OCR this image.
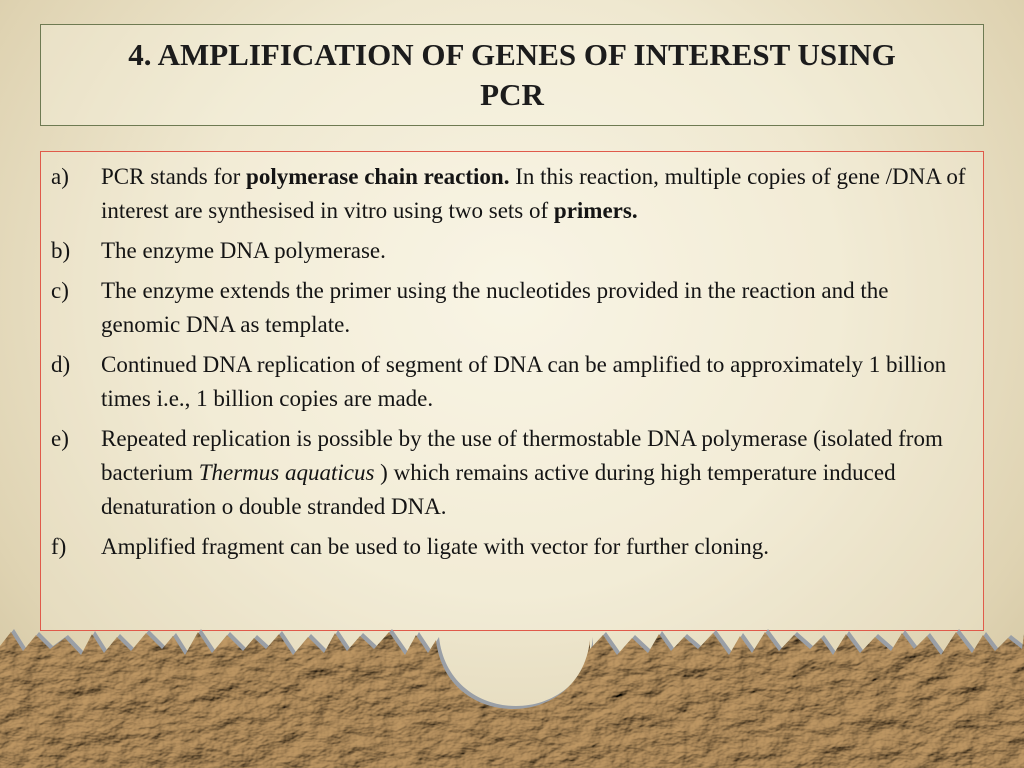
4. AMPLIFICATION OF GENES OF INTEREST USING PCR
a)	PCR stands for polymerase chain reaction. In this reaction, multiple copies of gene /DNA of interest are synthesised in vitro using two sets of primers.
b)	The enzyme DNA polymerase.
c)	The enzyme extends the primer using the nucleotides provided in the reaction and the genomic DNA as template.
d)	Continued DNA replication of segment of DNA can be amplified to approximately 1 billion times i.e., 1 billion copies are made.
e)	Repeated replication is possible by the use of thermostable DNA polymerase (isolated from bacterium Thermus aquaticus ) which remains active during high temperature induced denaturation o double stranded DNA.
f)	Amplified fragment can be used to ligate with vector for further cloning.
